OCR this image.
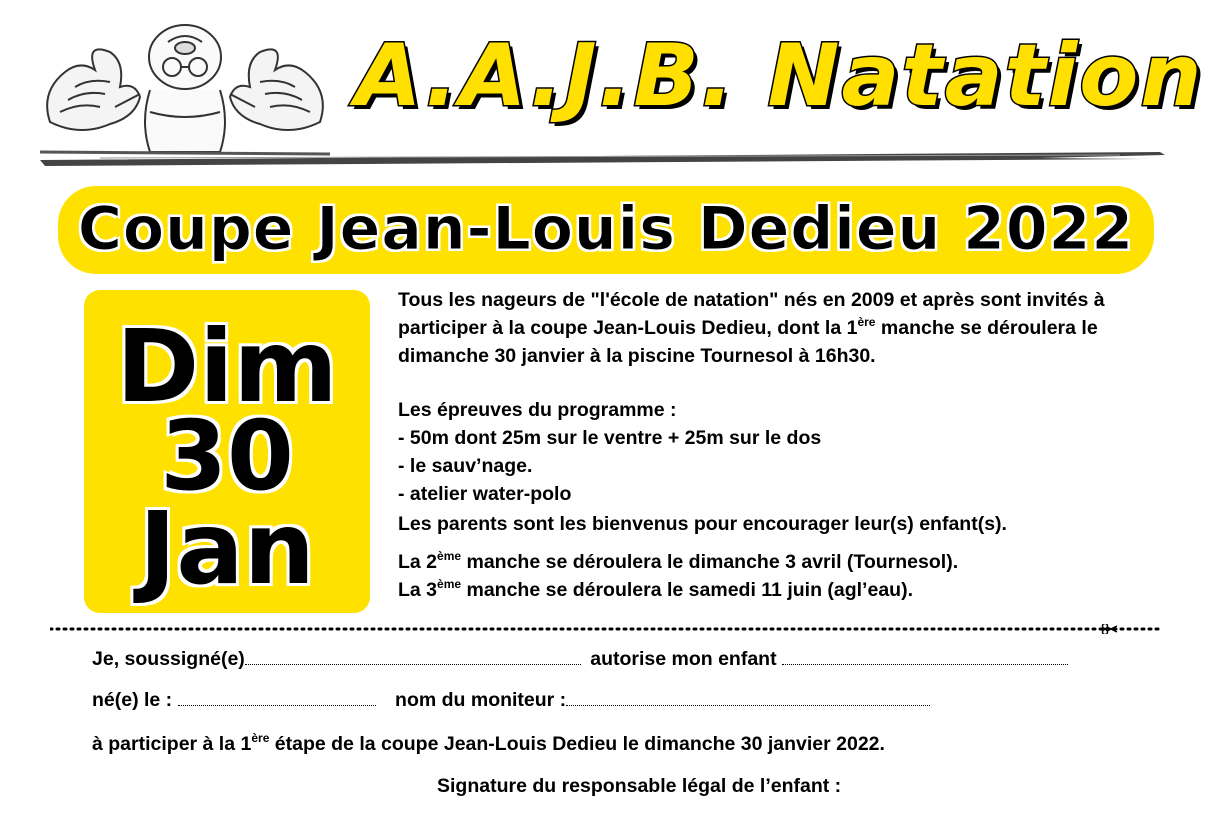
A.A.J.B. Natation
Coupe Jean-Louis Dedieu 2022
Dim
30
Jan

Tous les nageurs de "l'école de natation" nés en 2009 et après sont invités à participer à la coupe Jean-Louis Dedieu, dont la 1ère manche se déroulera le dimanche 30 janvier à la piscine Tournesol à 16h30.

Les épreuves du programme :

- 50m dont 25m sur le ventre + 25m sur le dos

- le sauv’nage.

- atelier water-polo

Les parents sont les bienvenus pour encourager leur(s) enfant(s).

La 2ème manche se déroulera le dimanche 3 avril (Tournesol).

La 3ème manche se déroulera le samedi 11 juin (agl’eau).

Je, soussigné(e)	autorise mon enfant
né(e) le :	nom du moniteur :
à participer à la 1ère étape de la coupe Jean-Louis Dedieu le dimanche 30 janvier 2022.
Signature du responsable légal de l’enfant :
